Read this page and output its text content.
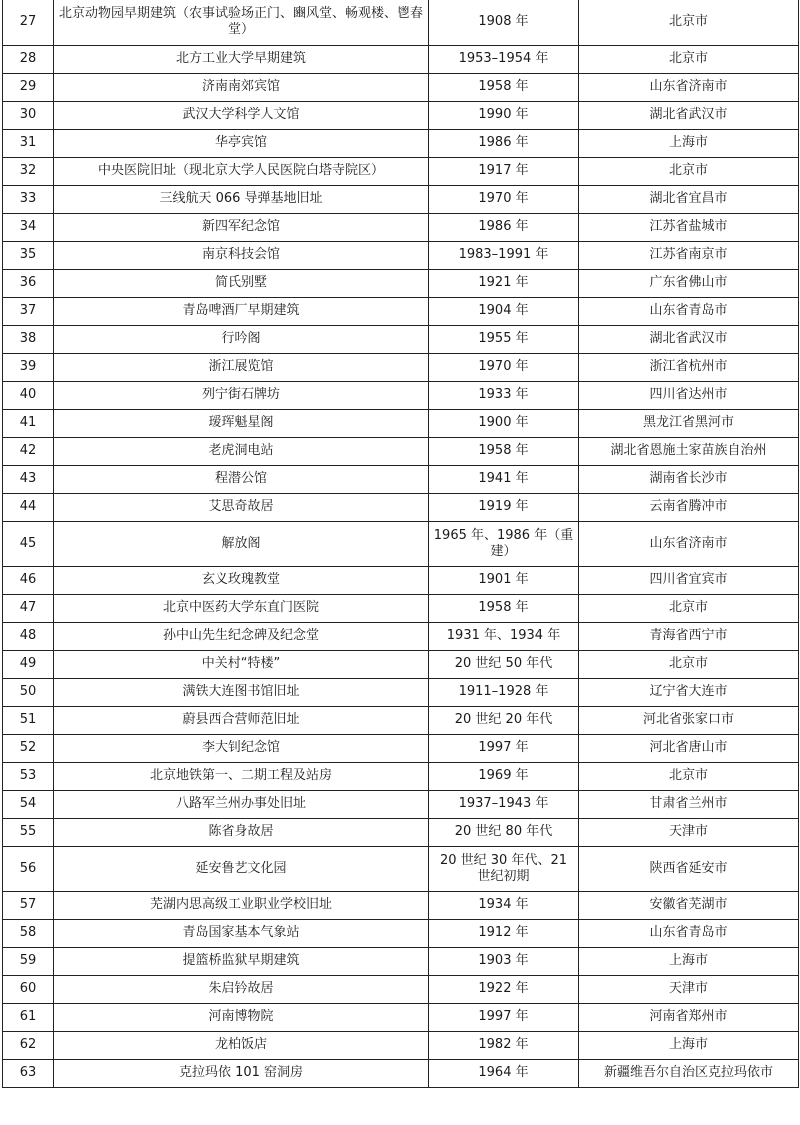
27	北京动物园早期建筑（农事试验场正门、豳风堂、畅观楼、鬯春堂）	1908 年	北京市
28	北方工业大学早期建筑	1953–1954 年	北京市
29	济南南郊宾馆	1958 年	山东省济南市
30	武汉大学科学人文馆	1990 年	湖北省武汉市
31	华亭宾馆	1986 年	上海市
32	中央医院旧址（现北京大学人民医院白塔寺院区）	1917 年	北京市
33	三线航天 066 导弹基地旧址	1970 年	湖北省宜昌市
34	新四军纪念馆	1986 年	江苏省盐城市
35	南京科技会馆	1983–1991 年	江苏省南京市
36	简氏别墅	1921 年	广东省佛山市
37	青岛啤酒厂早期建筑	1904 年	山东省青岛市
38	行吟阁	1955 年	湖北省武汉市
39	浙江展览馆	1970 年	浙江省杭州市
40	列宁街石牌坊	1933 年	四川省达州市
41	瑷珲魁星阁	1900 年	黑龙江省黑河市
42	老虎洞电站	1958 年	湖北省恩施土家苗族自治州
43	程潜公馆	1941 年	湖南省长沙市
44	艾思奇故居	1919 年	云南省腾冲市
45	解放阁	1965 年、1986 年（重建）	山东省济南市
46	玄义玫瑰教堂	1901 年	四川省宜宾市
47	北京中医药大学东直门医院	1958 年	北京市
48	孙中山先生纪念碑及纪念堂	1931 年、1934 年	青海省西宁市
49	中关村“特楼”	20 世纪 50 年代	北京市
50	满铁大连图书馆旧址	1911–1928 年	辽宁省大连市
51	蔚县西合营师范旧址	20 世纪 20 年代	河北省张家口市
52	李大钊纪念馆	1997 年	河北省唐山市
53	北京地铁第一、二期工程及站房	1969 年	北京市
54	八路军兰州办事处旧址	1937–1943 年	甘肃省兰州市
55	陈省身故居	20 世纪 80 年代	天津市
56	延安鲁艺文化园	20 世纪 30 年代、21 世纪初期	陕西省延安市
57	芜湖内思高级工业职业学校旧址	1934 年	安徽省芜湖市
58	青岛国家基本气象站	1912 年	山东省青岛市
59	提篮桥监狱早期建筑	1903 年	上海市
60	朱启钤故居	1922 年	天津市
61	河南博物院	1997 年	河南省郑州市
62	龙柏饭店	1982 年	上海市
63	克拉玛依 101 窑洞房	1964 年	新疆维吾尔自治区克拉玛依市
